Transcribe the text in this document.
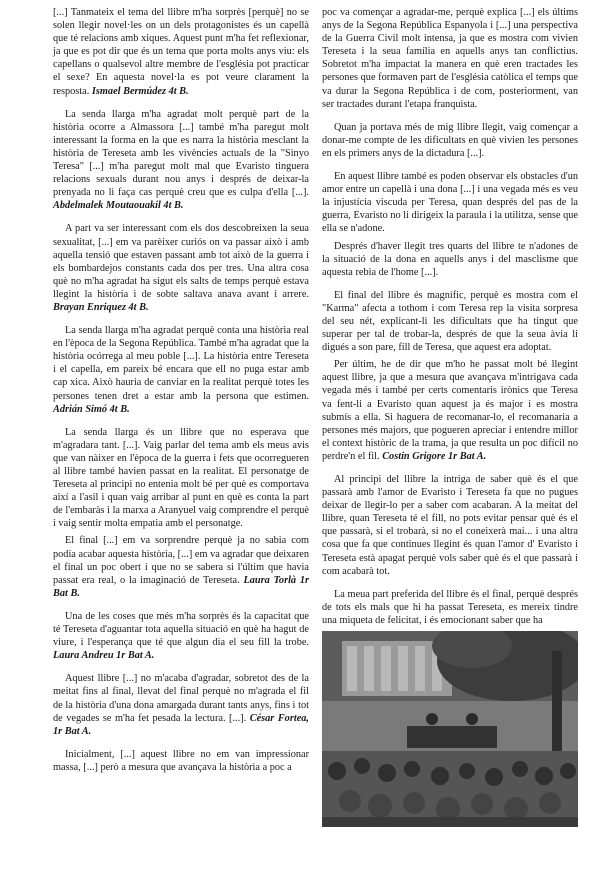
[...] Tanmateix el tema del llibre m'ha sorprès [perquè] no se solen llegir novel·les on un dels protagonistes és un capellà que té relacions amb xiques. Aquest punt m'ha fet reflexionar, ja que es pot dir que és un tema que porta molts anys viu: els capellans o qualsevol altre membre de l'església pot practicar el sexe? En aquesta novel·la es pot veure clarament la resposta. Ismael Bermúdez 4t B.

La senda llarga m'ha agradat molt perquè part de la història ocorre a Almassora [...] també m'ha paregut molt interessant la forma en la que es narra la història mesclant la història de Tereseta amb les vivències actuals de la "Sinyo Teresa" [...] m'ha paregut molt mal que Evaristo tinguera relacions sexuals durant nou anys i després de deixar-la prenyada no li faça cas perquè creu que es culpa d'ella [...]. Abdelmalek Moutaouakil 4t B.

A part va ser interessant com els dos descobreixen la seua sexualitat, [...] em va parèixer curiós on va passar això i amb aquella tensió que estaven passant amb tot això de la guerra i els bombardejos constants cada dos per tres. Una altra cosa què no m'ha agradat ha sigut els salts de temps perquè estava llegint la història i de sobte saltava anava avant i arrere. Brayan Enriquez 4t B.

La senda llarga m'ha agradat perquè conta una història real en l'època de la Segona República. També m'ha agradat que la història ocórrega al meu poble [...]. La història entre Tereseta i el capella, em pareix bé encara que ell no puga estar amb cap xica. Això hauria de canviar en la realitat perquè totes les persones tenen dret a estar amb la persona que estimen. Adrián Simó 4t B.

La senda llarga és un llibre que no esperava que m'agradara tant. [...]. Vaig parlar del tema amb els meus avis que van nàixer en l'època de la guerra i fets que ocorregueren al llibre també havien passat en la realitat. El personatge de Tereseta al principi no entenia molt bé per què es comportava així a l'asil i quan vaig arribar al punt en què es conta la part de l'embaràs i la marxa a Aranyuel vaig comprendre el perquè i vaig sentir molta empatia amb el personatge.

El final [...] em va sorprendre perquè ja no sabia com podia acabar aquesta història, [...] em va agradar que deixaren el final un poc obert i que no se sabera si l'últim que havia passat era real, o la imaginació de Tereseta. Laura Torlà 1r Bat B.

Una de les coses que més m'ha sorprès és la capacitat que té Tereseta d'aguantar tota aquella situació en què ha hagut de viure, i l'esperança que té que algun dia el seu fill la trobe. Laura Andreu 1r Bat A.

Aquest llibre [...] no m'acaba d'agradar, sobretot des de la meitat fins al final, llevat del final perquè no m'agrada el fil de la història d'una dona amargada durant tants anys, fins i tot de vegades se m'ha fet pesada la lectura. [...]. César Fortea, 1r Bat A.

Inicialment, [...] aquest llibre no em van impressionar massa, [...] però a mesura que avançava la història a poc a

poc va començar a agradar-me, perquè explica [...] els últims anys de la Segona República Espanyola i [...] una perspectiva de la Guerra Civil molt intensa, ja que es mostra com vivien Tereseta i la seua família en aquells anys tan conflictius. Sobretot m'ha impactat la manera en què eren tractades les persones que formaven part de l'església catòlica el temps que va durar la Segona República i de com, posteriorment, van ser tractades durant l'etapa franquista.

Quan ja portava més de mig llibre llegit, vaig començar a donar-me compte de les dificultats en què vivien les persones en els primers anys de la dictadura [...].

En aquest llibre també es poden observar els obstacles d'un amor entre un capellà i una dona [...] i una vegada més es veu la injustícia viscuda per Teresa, quan després del pas de la guerra, Evaristo no li dirigeix la paraula i la utilitza, sense que ella se n'adone.

Després d'haver llegit tres quarts del llibre te n'adones de la situació de la dona en aquells anys i del masclisme que aquesta rebia de l'home [...].

El final del llibre és magnífic, perquè es mostra com el "Karma" afecta a tothom i com Teresa rep la visita sorpresa del seu nét, explicant-li les dificultats que ha tingut que superar per tal de trobar-la, després de que la seua àvia li digués a son pare, fill de Teresa, que aquest era adoptat.

Per últim, he de dir que m'ho he passat molt bé llegint aquest llibre, ja que a mesura que avançava m'intrigava cada vegada més i també per certs comentaris irònics que Teresa va fent-li a Evaristo quan aquest ja és major i es mostra submís a ella. Si haguera de recomanar-lo, el recomanaria a persones més majors, que pogueren apreciar i entendre millor el context històric de la trama, ja que resulta un poc difícil no perdre'n el fil. Costin Grigore 1r Bat A.

Al principi del llibre la intriga de saber què és el que passarà amb l'amor de Evaristo i Tereseta fa que no pugues deixar de llegir-lo per a saber com acabaran. A la meitat del llibre, quan Tereseta té el fill, no pots evitar pensar què és el que passarà, si el trobarà, si no el coneixerà mai... i una altra cosa que fa que continues llegint és quan l'amor d' Evaristo i Tereseta està apagat perquè vols saber què és el que passarà i com acabarà tot.

La meua part preferida del llibre és el final, perquè després de tots els mals que hi ha passat Tereseta, es mereix tindre una miqueta de felicitat, i és emocionant saber que ha
